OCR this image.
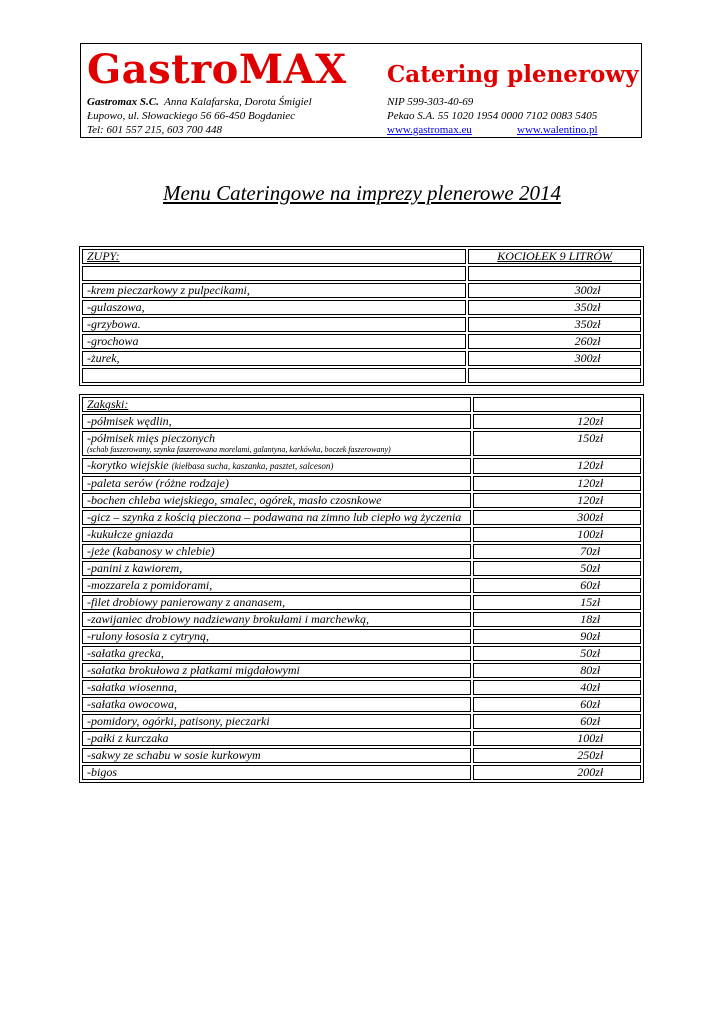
GastroMAX Catering plenerowy
Gastromax S.C. Anna Kalafarska, Dorota Śmigiel	NIP 599-303-40-69
Łupowo, ul. Słowackiego 56 66-450 Bogdaniec	Pekao S.A. 55 1020 1954 0000 7102 0083 5405
Tel: 601 557 215, 603 700 448	www.gastromax.eu	www.walentino.pl
Menu Cateringowe na imprezy plenerowe 2014
ZUPY:	KOCIOŁEK 9 LITRÓW

-krem pieczarkowy z pulpecikami,	300zł
-gulaszowa,	350zł
-grzybowa.	350zł
-grochowa	260zł
-żurek,	300zł

Zakąski:	
-półmisek wędlin,	120zł
-półmisek mięs pieczonych
(schab faszerowany, szynka faszerowana morelami, galantyna, karkówka, boczek faszerowany)	150zł
-korytko wiejskie (kiełbasa sucha, kaszanka, pasztet, salceson)	120zł
-paleta serów (różne rodzaje)	120zł
-bochen chleba wiejskiego, smalec, ogórek, masło czosnkowe	120zł
-gicz – szynka z kością pieczona – podawana na zimno lub ciepło wg życzenia	300zł
-kukułcze gniazda	100zł
-jeże (kabanosy w chlebie)	70zł
-panini z kawiorem,	50zł
-mozzarela z pomidorami,	60zł
-filet drobiowy panierowany z ananasem,	15zł
-zawijaniec drobiowy nadziewany brokułami i marchewką,	18zł
-rulony łososia z cytryną,	90zł
-sałatka grecka,	50zł
-sałatka brokułowa z płatkami migdałowymi	80zł
-sałatka wiosenna,	40zł
-sałatka owocowa,	60zł
-pomidory, ogórki, patisony, pieczarki	60zł
-pałki z kurczaka	100zł
-sakwy ze schabu w sosie kurkowym	250zł
-bigos	200zł
